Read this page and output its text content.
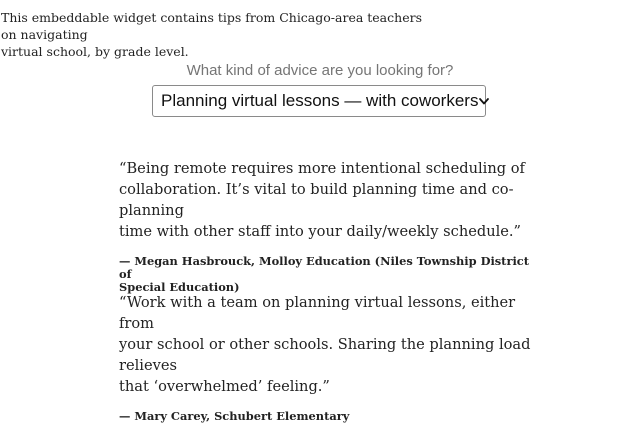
This embeddable widget contains tips from Chicago-area teachers on navigating
virtual school, by grade level.

What kind of advice are you looking for?

Planning virtual lessons — with coworkers

“Being remote requires more intentional scheduling of
collaboration. It’s vital to build planning time and co-planning
time with other staff into your daily/weekly schedule.”

— Megan Hasbrouck, Molloy Education (Niles Township District of
Special Education)

“Work with a team on planning virtual lessons, either from
your school or other schools. Sharing the planning load relieves
that ‘overwhelmed’ feeling.”

— Mary Carey, Schubert Elementary
